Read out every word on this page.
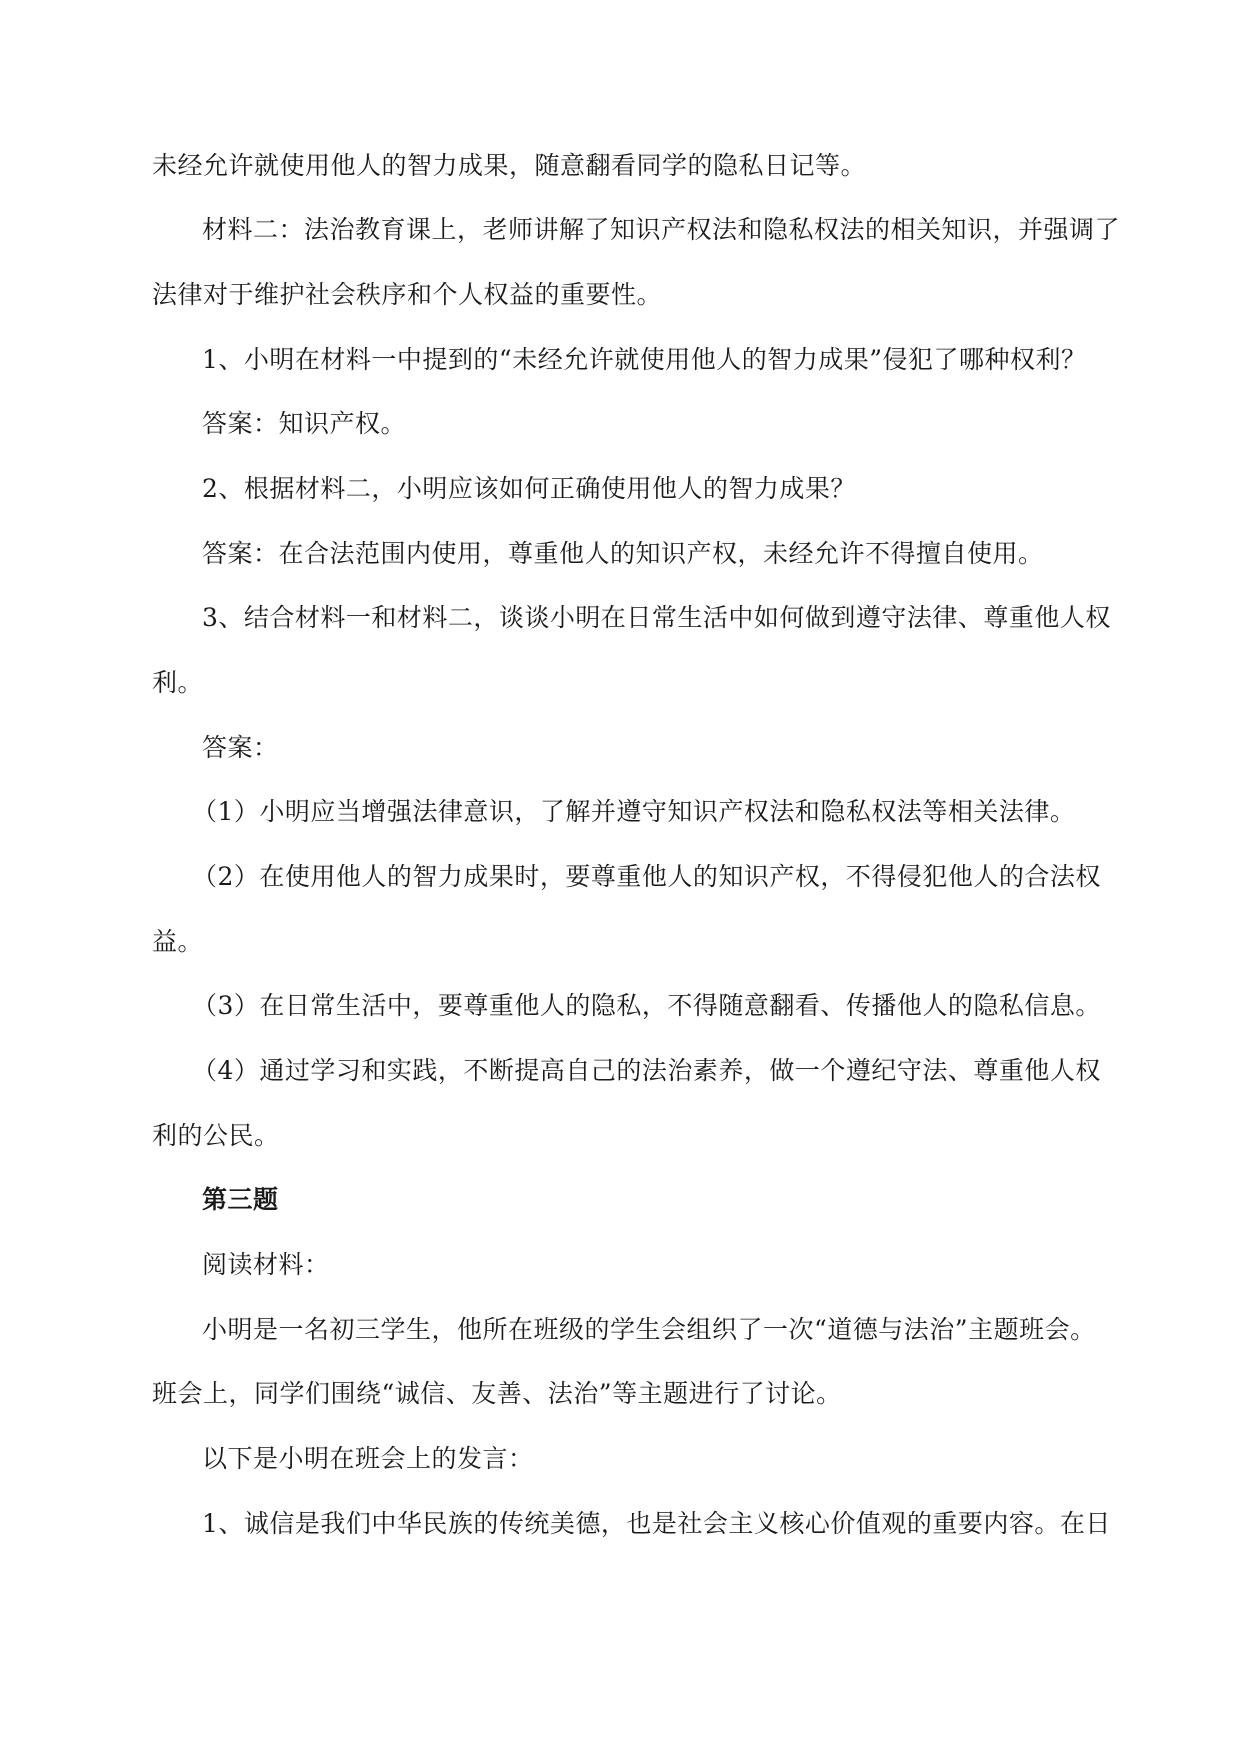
未经允许就使用他人的智力成果，随意翻看同学的隐私日记等。

材料二：法治教育课上，老师讲解了知识产权法和隐私权法的相关知识，并强调了

法律对于维护社会秩序和个人权益的重要性。

1、小明在材料一中提到的“未经允许就使用他人的智力成果”侵犯了哪种权利？

答案：知识产权。

2、根据材料二，小明应该如何正确使用他人的智力成果？

答案：在合法范围内使用，尊重他人的知识产权，未经允许不得擅自使用。

3、结合材料一和材料二，谈谈小明在日常生活中如何做到遵守法律、尊重他人权

利。

答案：

（1）小明应当增强法律意识，了解并遵守知识产权法和隐私权法等相关法律。

（2）在使用他人的智力成果时，要尊重他人的知识产权，不得侵犯他人的合法权

益。

（3）在日常生活中，要尊重他人的隐私，不得随意翻看、传播他人的隐私信息。

（4）通过学习和实践，不断提高自己的法治素养，做一个遵纪守法、尊重他人权

利的公民。

第三题

阅读材料：

小明是一名初三学生，他所在班级的学生会组织了一次“道德与法治”主题班会。

班会上，同学们围绕“诚信、友善、法治”等主题进行了讨论。

以下是小明在班会上的发言：

1、诚信是我们中华民族的传统美德，也是社会主义核心价值观的重要内容。在日
